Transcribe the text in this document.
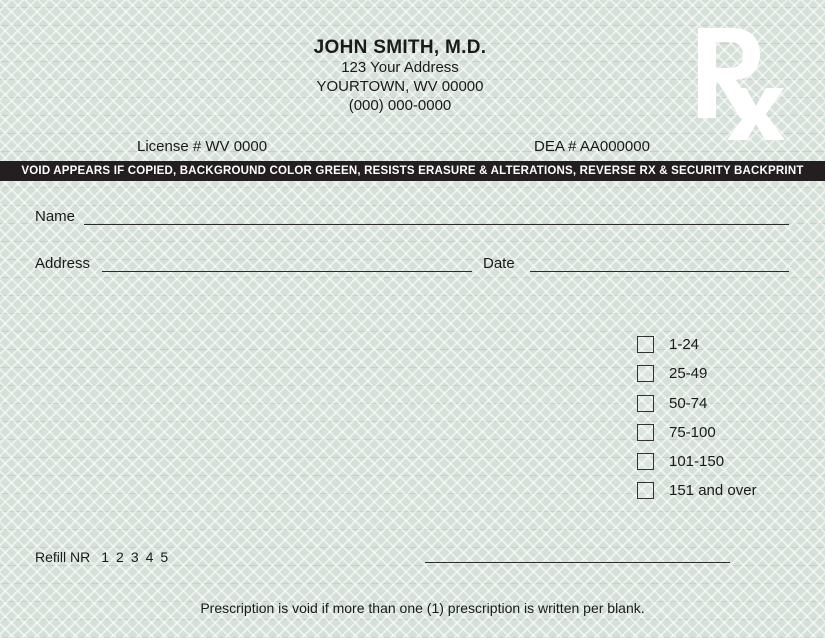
JOHN SMITH, M.D.
123 Your Address
YOURTOWN, WV 00000
(000) 000-0000
License # WV 0000	DEA # AA000000
VOID APPEARS IF COPIED, BACKGROUND COLOR GREEN, RESISTS ERASURE & ALTERATIONS, REVERSE RX & SECURITY BACKPRINT
Name
Address	Date
1-24
25-49
50-74
75-100
101-150
151 and over
Refill NR 1 2 3 4 5
Prescription is void if more than one (1) prescription is written per blank.
